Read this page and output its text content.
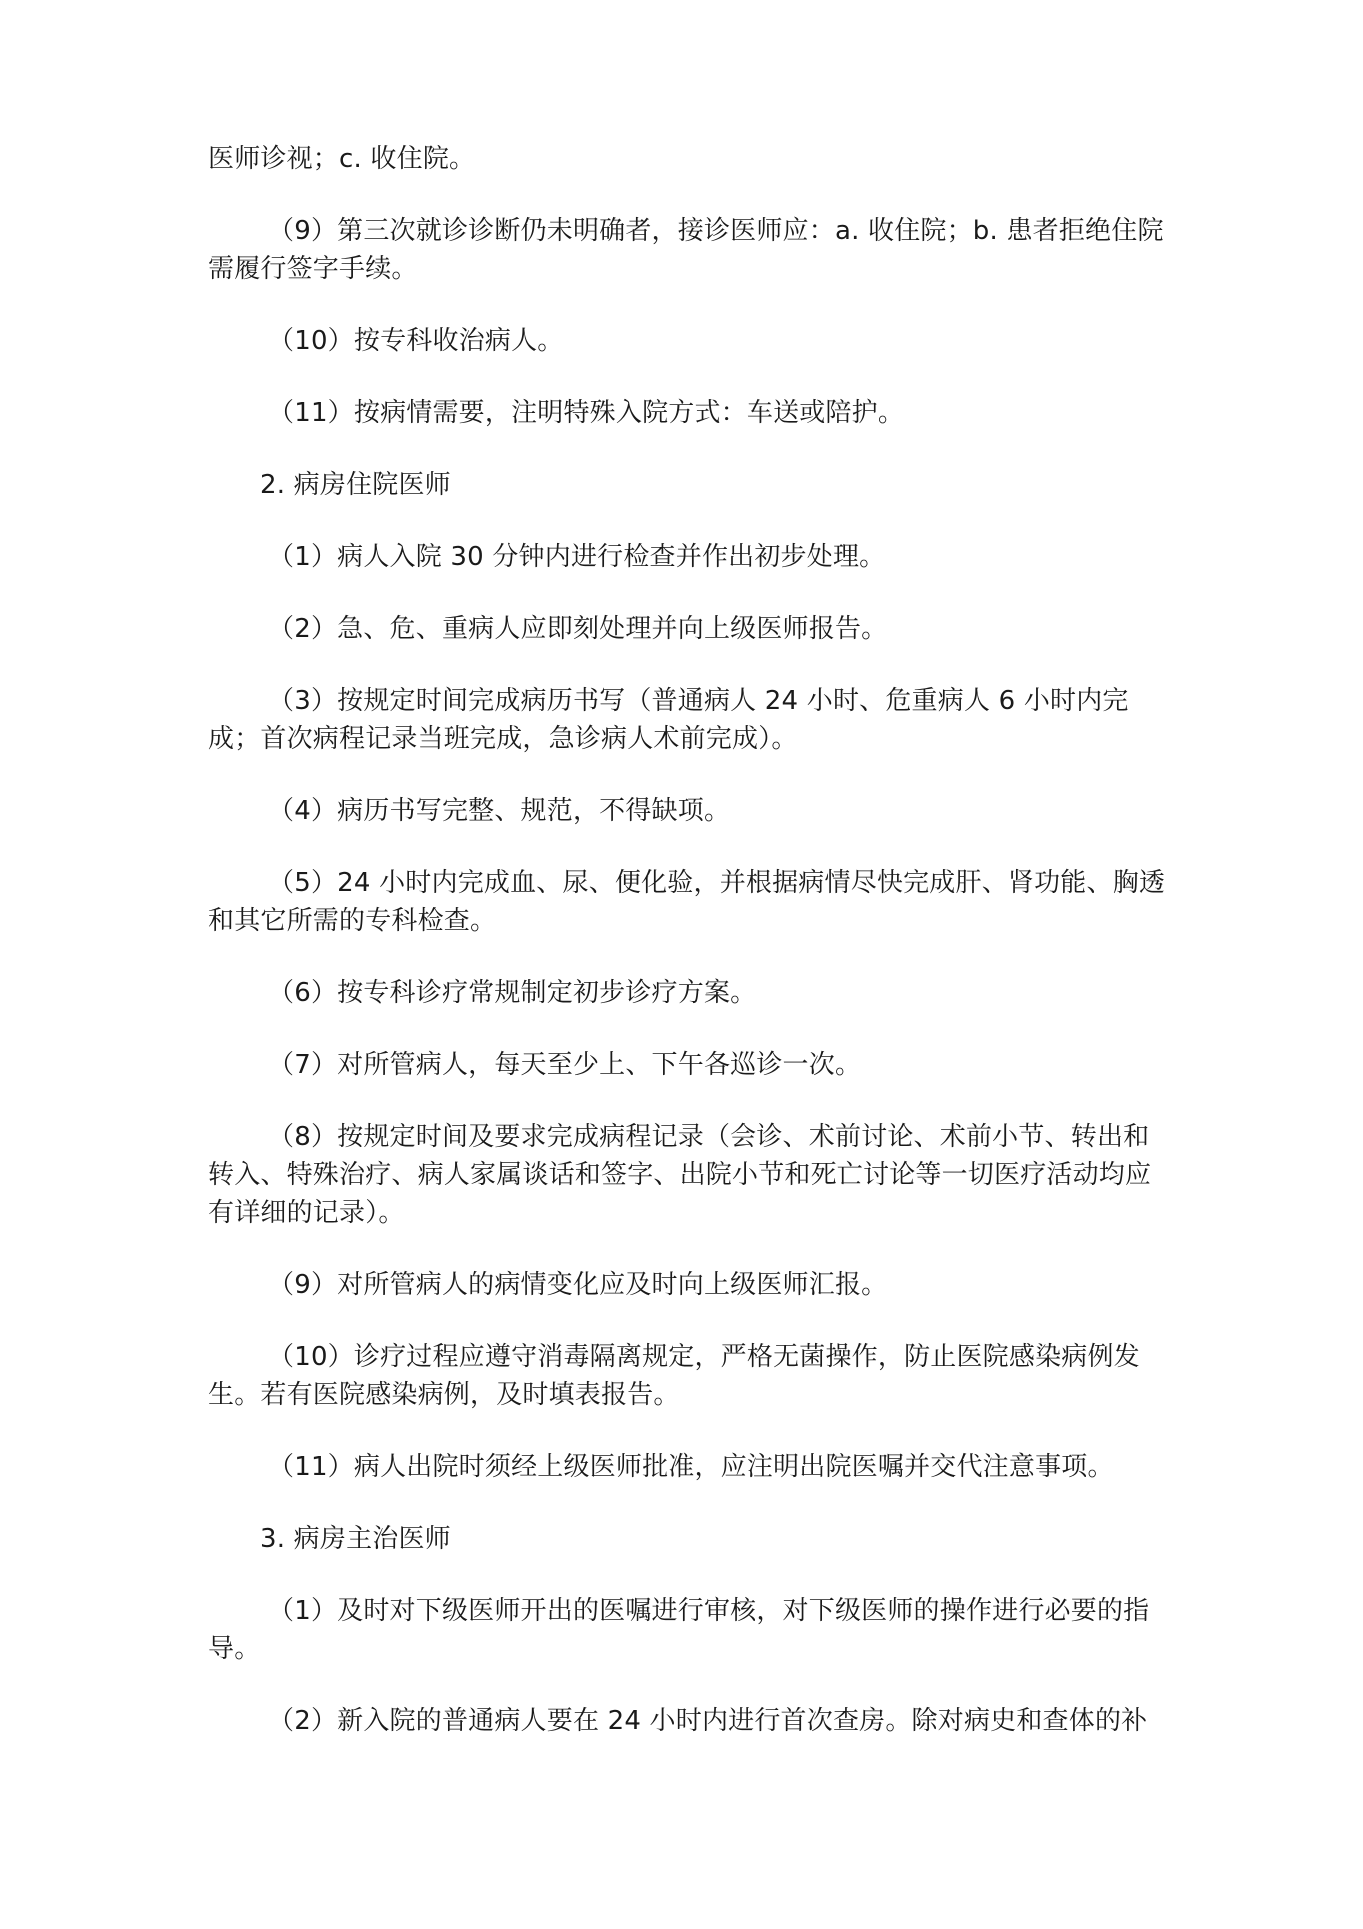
医师诊视；c. 收住院。

（9）第三次就诊诊断仍未明确者，接诊医师应：a. 收住院；b. 患者拒绝住院需履行签字手续。

（10）按专科收治病人。

（11）按病情需要，注明特殊入院方式：车送或陪护。

2. 病房住院医师

（1）病人入院 30 分钟内进行检查并作出初步处理。

（2）急、危、重病人应即刻处理并向上级医师报告。

（3）按规定时间完成病历书写（普通病人 24 小时、危重病人 6 小时内完成；首次病程记录当班完成，急诊病人术前完成）。

（4）病历书写完整、规范，不得缺项。

（5）24 小时内完成血、尿、便化验，并根据病情尽快完成肝、肾功能、胸透和其它所需的专科检查。

（6）按专科诊疗常规制定初步诊疗方案。

（7）对所管病人，每天至少上、下午各巡诊一次。

（8）按规定时间及要求完成病程记录（会诊、术前讨论、术前小节、转出和转入、特殊治疗、病人家属谈话和签字、出院小节和死亡讨论等一切医疗活动均应有详细的记录）。

（9）对所管病人的病情变化应及时向上级医师汇报。

（10）诊疗过程应遵守消毒隔离规定，严格无菌操作，防止医院感染病例发生。若有医院感染病例，及时填表报告。

（11）病人出院时须经上级医师批准，应注明出院医嘱并交代注意事项。

3. 病房主治医师

（1）及时对下级医师开出的医嘱进行审核，对下级医师的操作进行必要的指导。

（2）新入院的普通病人要在 24 小时内进行首次查房。除对病史和查体的补
